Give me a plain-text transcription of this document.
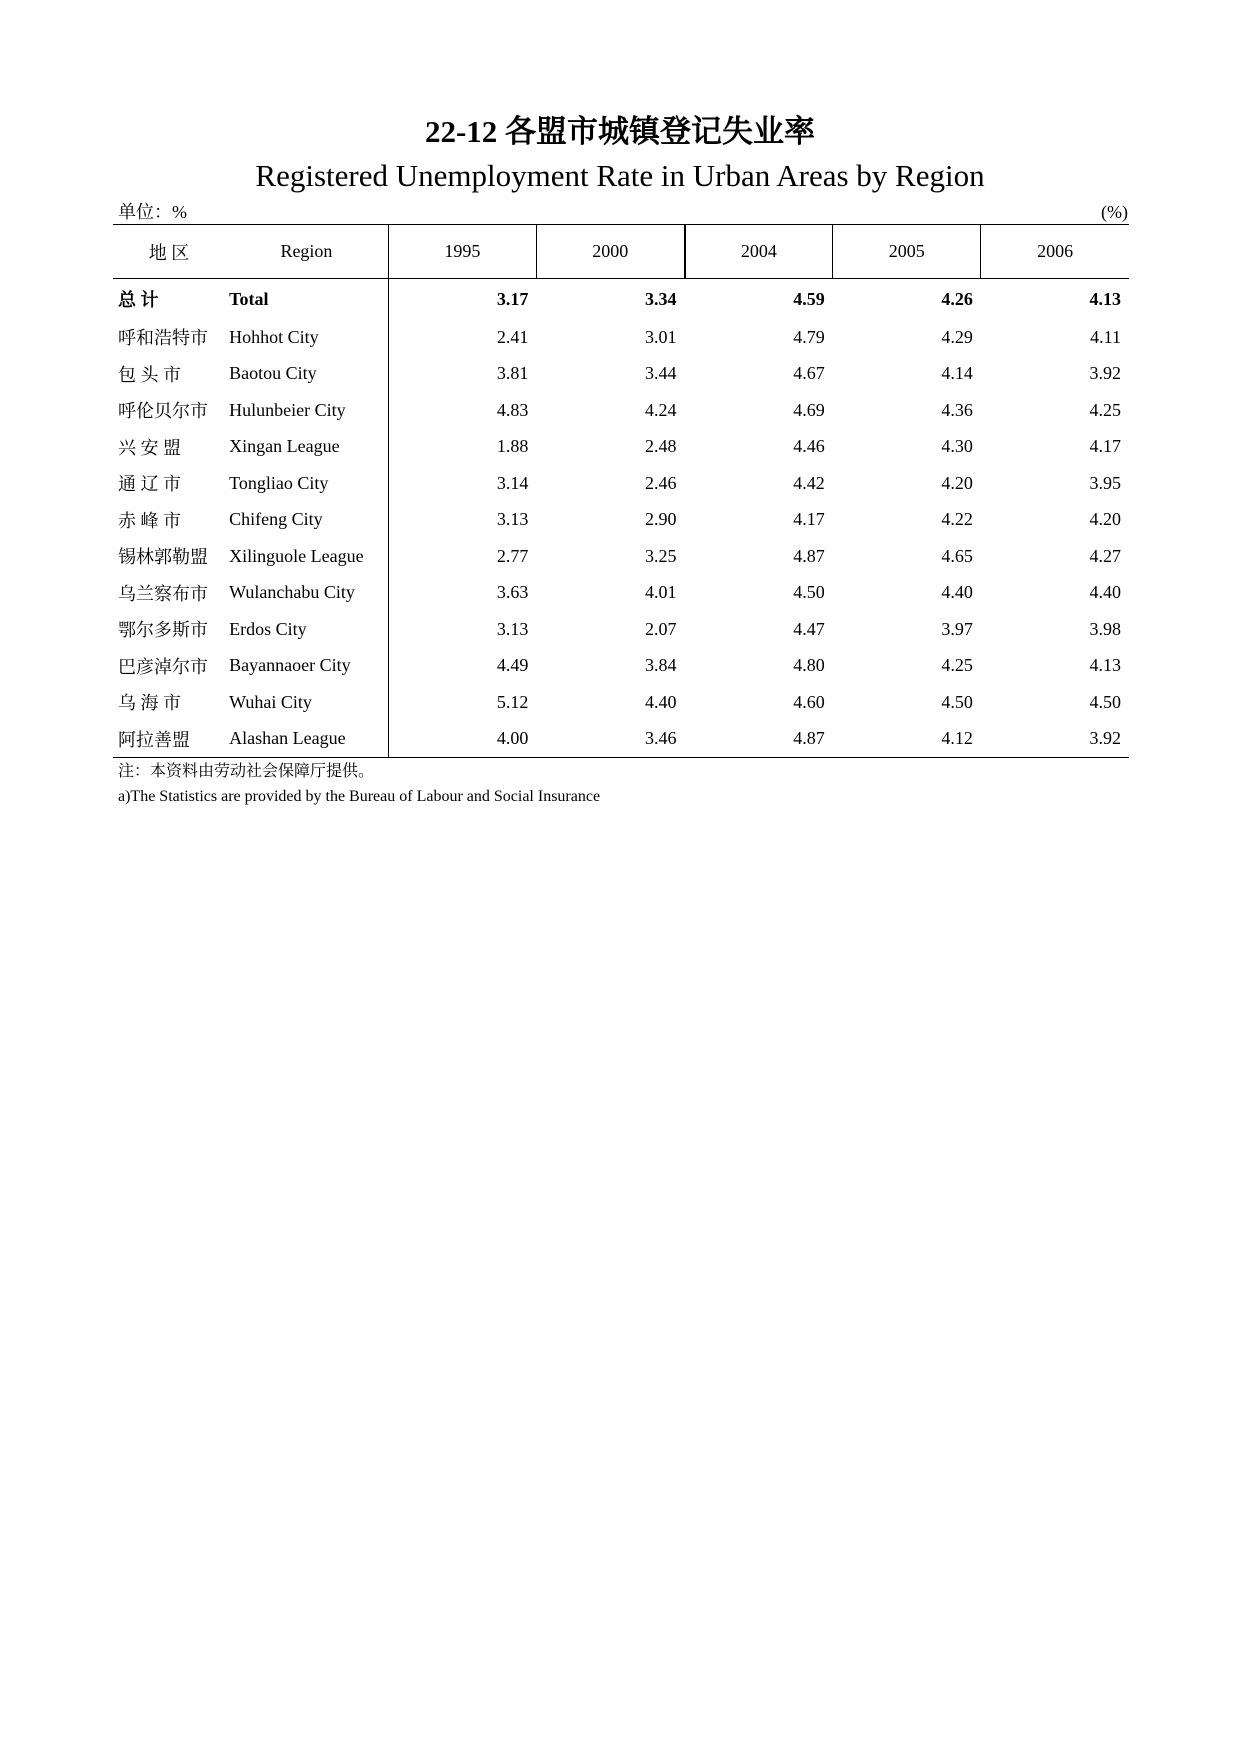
22-12 各盟市城镇登记失业率
Registered Unemployment Rate in Urban Areas by Region
单位：%	(%)
地 区	Region	1995	2000	2004	2005	2006
总 计	Total	3.17	3.34	4.59	4.26	4.13
呼和浩特市	Hohhot City	2.41	3.01	4.79	4.29	4.11
包 头 市	Baotou City	3.81	3.44	4.67	4.14	3.92
呼伦贝尔市	Hulunbeier City	4.83	4.24	4.69	4.36	4.25
兴 安 盟	Xingan League	1.88	2.48	4.46	4.30	4.17
通 辽 市	Tongliao City	3.14	2.46	4.42	4.20	3.95
赤 峰 市	Chifeng City	3.13	2.90	4.17	4.22	4.20
锡林郭勒盟	Xilinguole League	2.77	3.25	4.87	4.65	4.27
乌兰察布市	Wulanchabu City	3.63	4.01	4.50	4.40	4.40
鄂尔多斯市	Erdos City	3.13	2.07	4.47	3.97	3.98
巴彦淖尔市	Bayannaoer City	4.49	3.84	4.80	4.25	4.13
乌 海 市	Wuhai City	5.12	4.40	4.60	4.50	4.50
阿拉善盟	Alashan League	4.00	3.46	4.87	4.12	3.92
注：本资料由劳动社会保障厅提供。
a)The Statistics are provided by the Bureau of Labour and Social Insurance
